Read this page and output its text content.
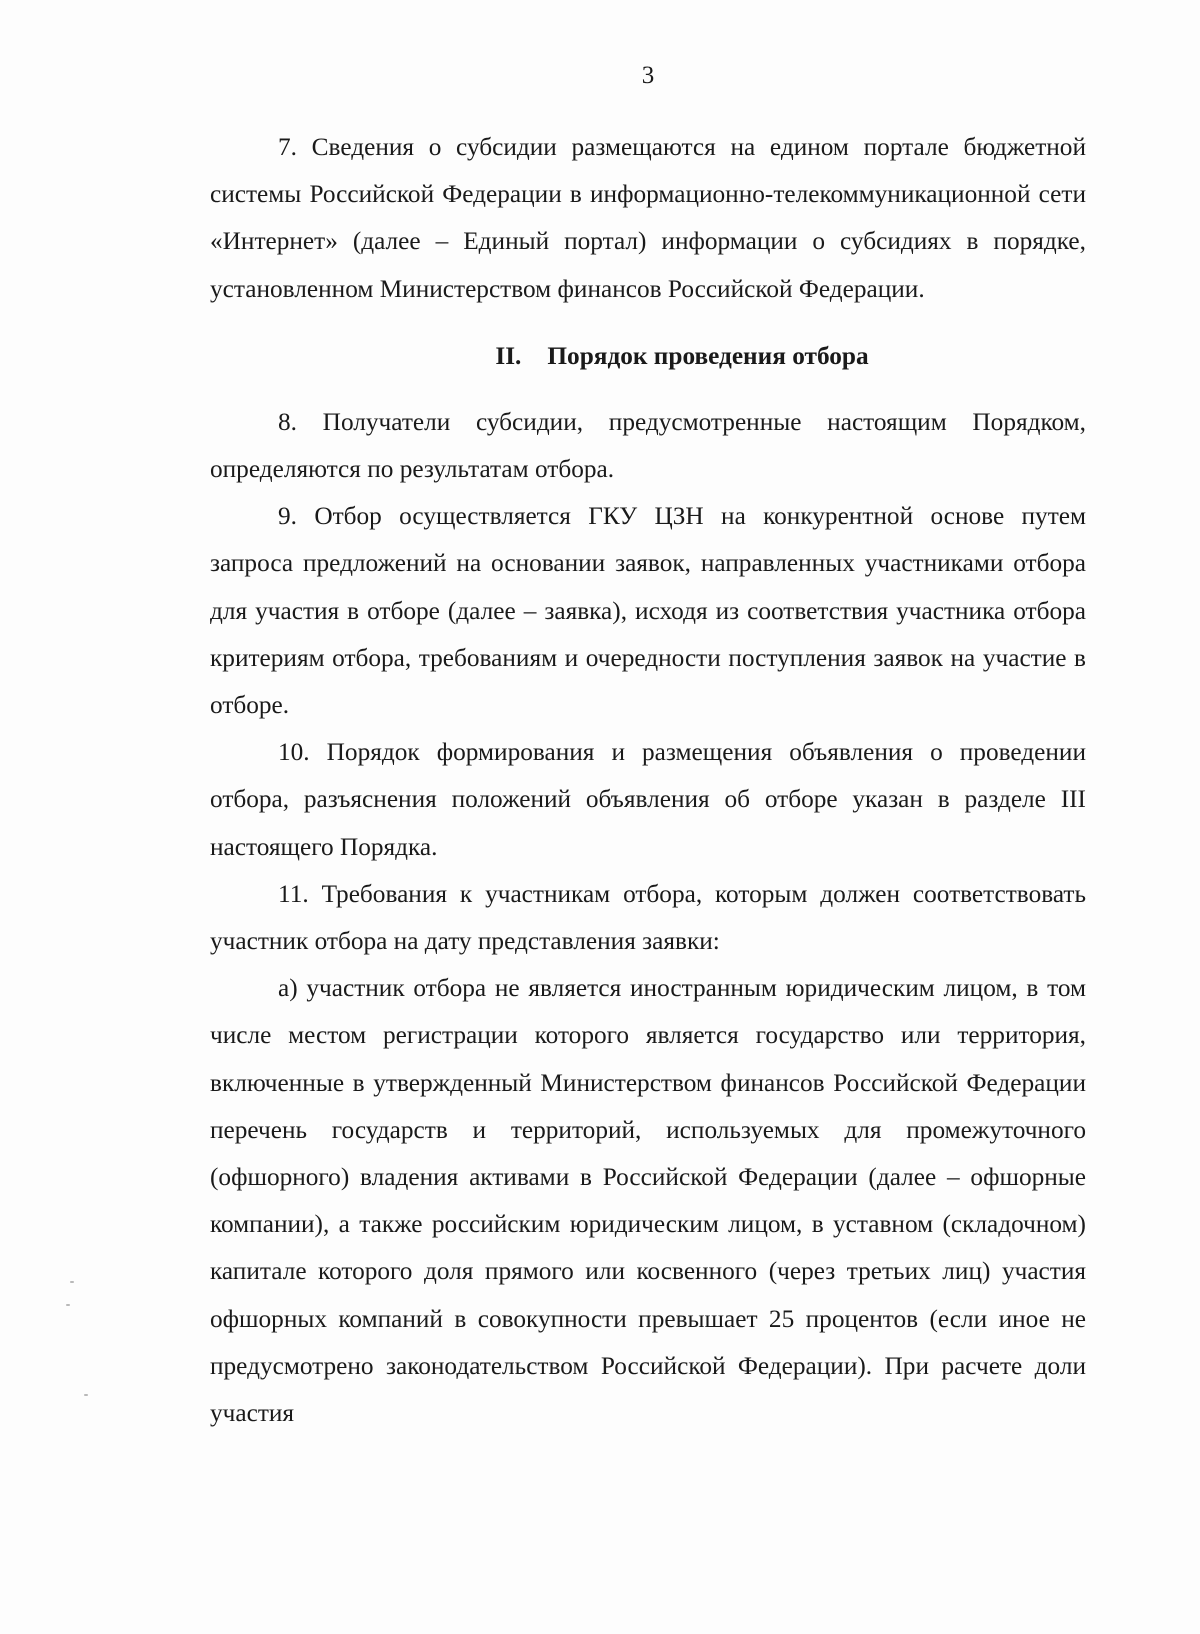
3

7. Сведения о субсидии размещаются на едином портале бюджетной системы Российской Федерации в информационно-телекоммуникационной сети «Интернет» (далее – Единый портал) информации о субсидиях в порядке, установленном Министерством финансов Российской Федерации.

II. Порядок проведения отбора

8. Получатели субсидии, предусмотренные настоящим Порядком, определяются по результатам отбора.

9. Отбор осуществляется ГКУ ЦЗН на конкурентной основе путем запроса предложений на основании заявок, направленных участниками отбора для участия в отборе (далее – заявка), исходя из соответствия участника отбора критериям отбора, требованиям и очередности поступления заявок на участие в отборе.

10. Порядок формирования и размещения объявления о проведении отбора, разъяснения положений объявления об отборе указан в разделе III настоящего Порядка.

11. Требования к участникам отбора, которым должен соответствовать участник отбора на дату представления заявки:

а) участник отбора не является иностранным юридическим лицом, в том числе местом регистрации которого является государство или территория, включенные в утвержденный Министерством финансов Российской Федерации перечень государств и территорий, используемых для промежуточного (офшорного) владения активами в Российской Федерации (далее – офшорные компании), а также российским юридическим лицом, в уставном (складочном) капитале которого доля прямого или косвенного (через третьих лиц) участия офшорных компаний в совокупности превышает 25 процентов (если иное не предусмотрено законодательством Российской Федерации). При расчете доли участия
